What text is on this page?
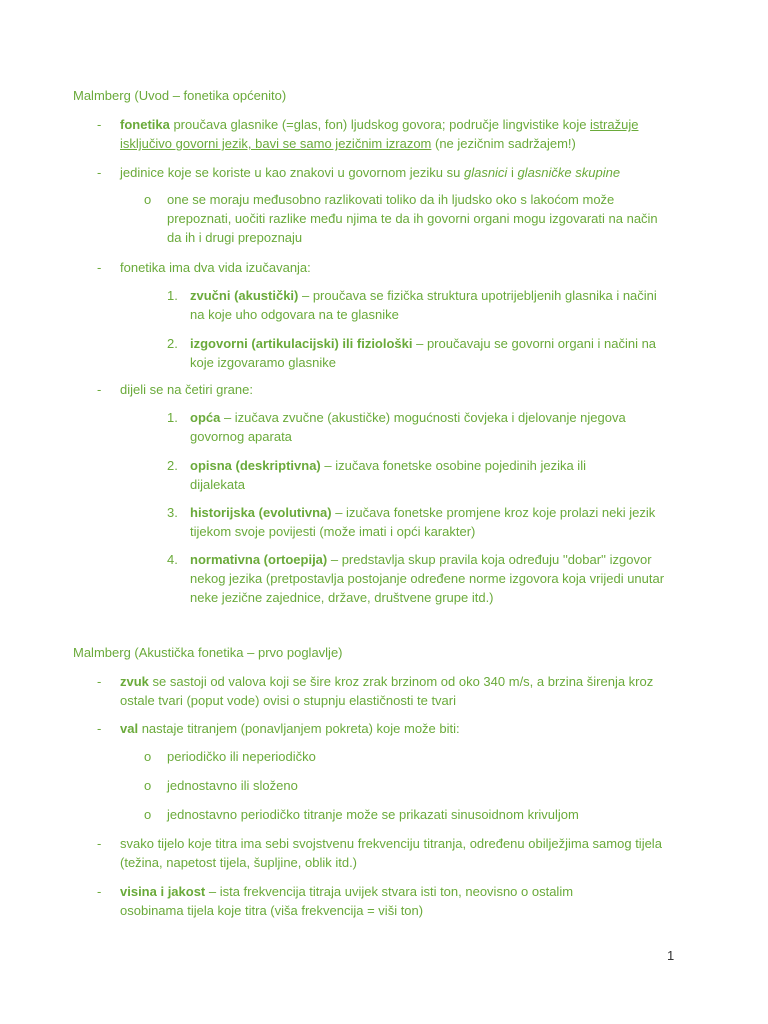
Malmberg (Uvod – fonetika općenito)
- fonetika proučava glasnike (=glas, fon) ljudskog govora; područje lingvistike koje istražuje isključivo govorni jezik, bavi se samo jezičnim izrazom (ne jezičnim sadržajem!)
- jedinice koje se koriste u kao znakovi u govornom jeziku su glasnici i glasničke skupine
o one se moraju međusobno razlikovati toliko da ih ljudsko oko s lakoćom može prepoznati, uočiti razlike među njima te da ih govorni organi mogu izgovarati na način da ih i drugi prepoznaju
- fonetika ima dva vida izučavanja:
1. zvučni (akustički) – proučava se fizička struktura upotrijebljenih glasnika i načini na koje uho odgovara na te glasnike
2. izgovorni (artikulacijski) ili fiziološki – proučavaju se govorni organi i načini na koje izgovaramo glasnike
- dijeli se na četiri grane:
1. opća – izučava zvučne (akustičke) mogućnosti čovjeka i djelovanje njegova govornog aparata
2. opisna (deskriptivna) – izučava fonetske osobine pojedinih jezika ili dijalekata
3. historijska (evolutivna) – izučava fonetske promjene kroz koje prolazi neki jezik tijekom svoje povijesti (može imati i opći karakter)
4. normativna (ortoepija) – predstavlja skup pravila koja određuju ''dobar'' izgovor nekog jezika (pretpostavlja postojanje određene norme izgovora koja vrijedi unutar neke jezične zajednice, države, društvene grupe itd.)
Malmberg (Akustička fonetika – prvo poglavlje)
- zvuk se sastoji od valova koji se šire kroz zrak brzinom od oko 340 m/s, a brzina širenja kroz ostale tvari (poput vode) ovisi o stupnju elastičnosti te tvari
- val nastaje titranjem (ponavljanjem pokreta) koje može biti:
o periodičko ili neperiodičko
o jednostavno ili složeno
o jednostavno periodičko titranje može se prikazati sinusoidnom krivuljom
- svako tijelo koje titra ima sebi svojstvenu frekvenciju titranja, određenu obilježjima samog tijela (težina, napetost tijela, šupljine, oblik itd.)
- visina i jakost – ista frekvencija titraja uvijek stvara isti ton, neovisno o ostalim osobinama tijela koje titra (viša frekvencija = viši ton)
1
